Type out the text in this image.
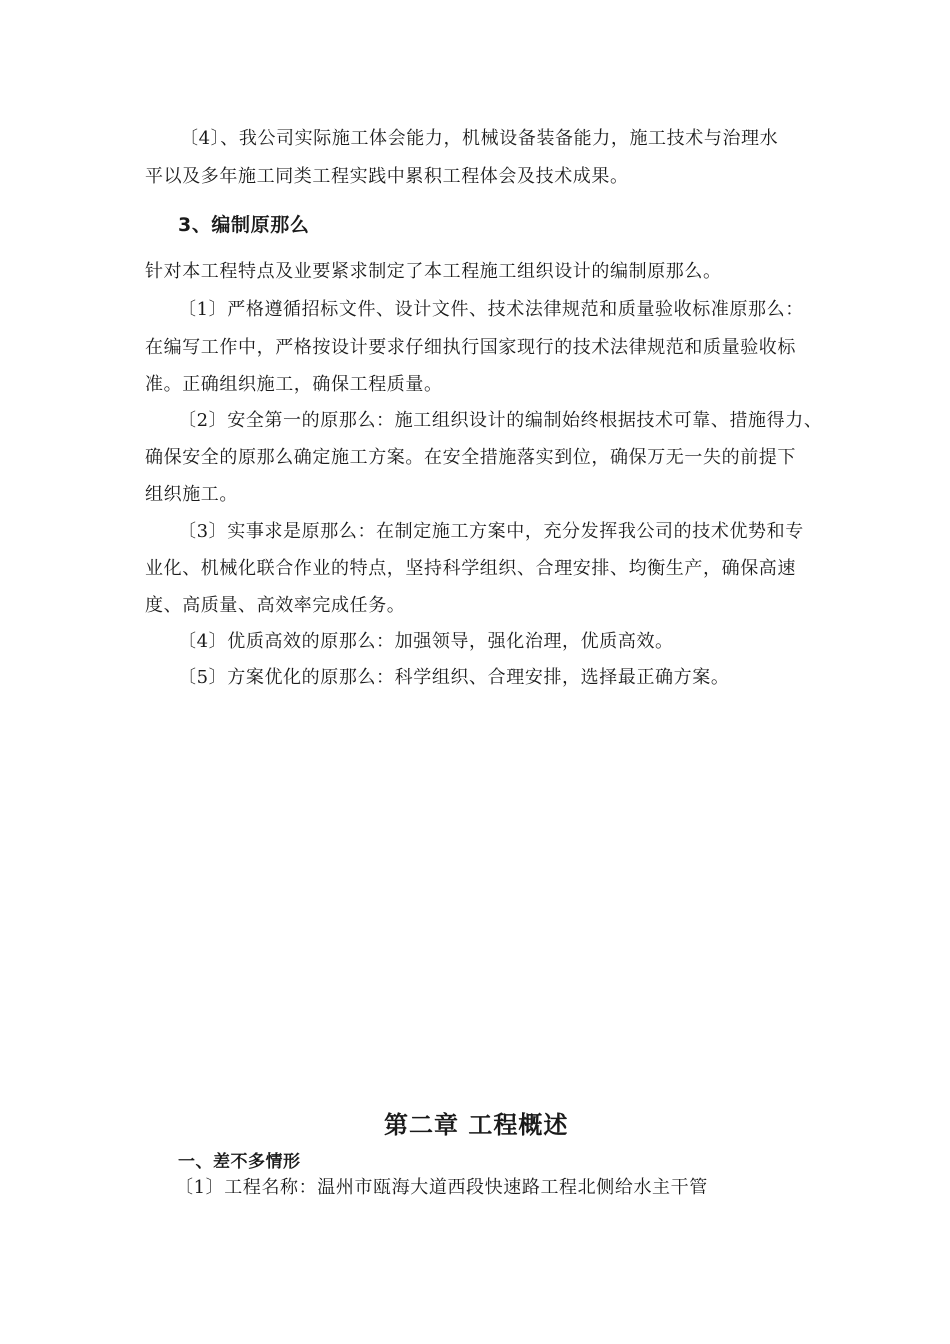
〔4〕、我公司实际施工体会能力，机械设备装备能力，施工技术与治理水
平以及多年施工同类工程实践中累积工程体会及技术成果。
3、编制原那么
针对本工程特点及业要紧求制定了本工程施工组织设计的编制原那么。
〔1〕严格遵循招标文件、设计文件、技术法律规范和质量验收标准原那么：
在编写工作中，严格按设计要求仔细执行国家现行的技术法律规范和质量验收标
准。正确组织施工，确保工程质量。
〔2〕安全第一的原那么：施工组织设计的编制始终根据技术可靠、措施得力、
确保安全的原那么确定施工方案。在安全措施落实到位，确保万无一失的前提下
组织施工。
〔3〕实事求是原那么：在制定施工方案中，充分发挥我公司的技术优势和专
业化、机械化联合作业的特点，坚持科学组织、合理安排、均衡生产，确保高速
度、高质量、高效率完成任务。
〔4〕优质高效的原那么：加强领导，强化治理，优质高效。
〔5〕方案优化的原那么：科学组织、合理安排，选择最正确方案。
第二章 工程概述
一、差不多情形
〔1〕工程名称：温州市瓯海大道西段快速路工程北侧给水主干管
